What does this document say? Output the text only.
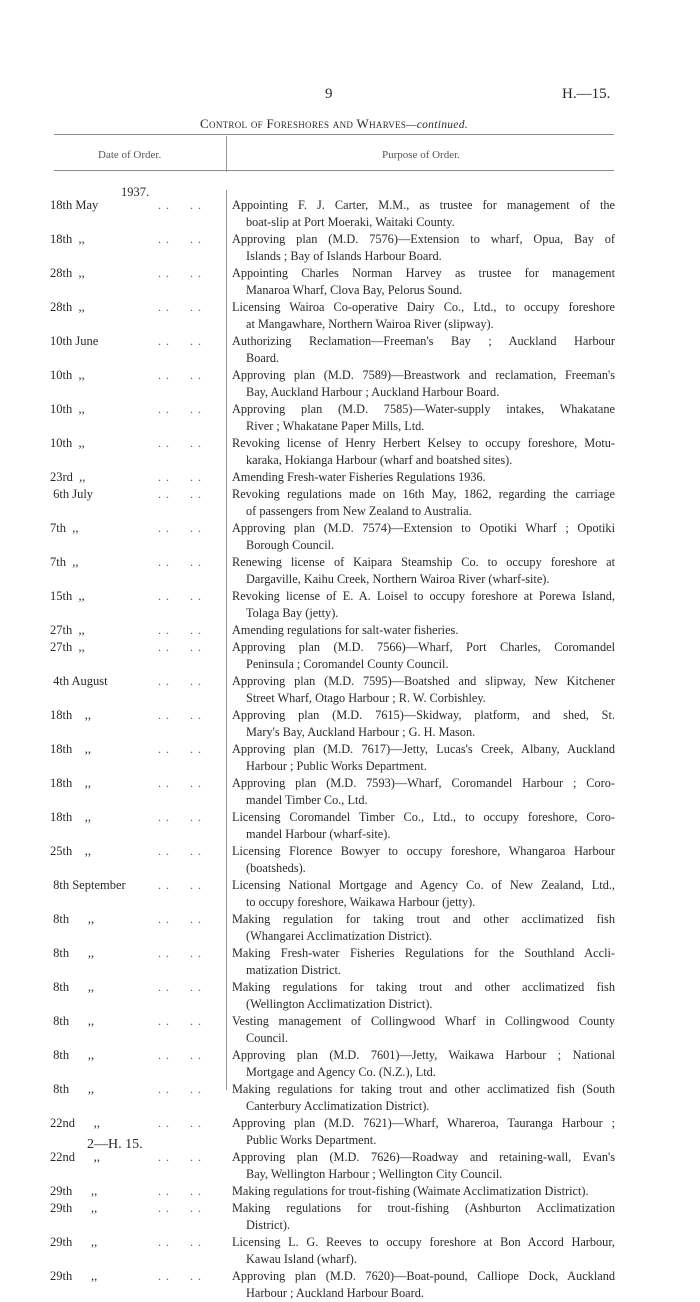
9	H.—15.
Control of Foreshores and Wharves—continued.
Date of Order.	Purpose of Order.
1937.
18th May	. .     . . Appointing F. J. Carter, M.M., as trustee for management of the
boat-slip at Port Moeraki, Waitaki County.
18th  ,,	. .     . . Approving plan (M.D. 7576)—Extension to wharf, Opua, Bay of
Islands ; Bay of Islands Harbour Board.
28th  ,,	. .     . . Appointing Charles Norman Harvey as trustee for management
Manaroa Wharf, Clova Bay, Pelorus Sound.
28th  ,,	. .     . . Licensing Wairoa Co-operative Dairy Co., Ltd., to occupy foreshore
at Mangawhare, Northern Wairoa River (slipway).
10th June	. .     . . Authorizing Reclamation—Freeman's Bay ; Auckland Harbour
Board.
10th  ,,	. .     . . Approving plan (M.D. 7589)—Breastwork and reclamation, Freeman's
Bay, Auckland Harbour ; Auckland Harbour Board.
10th  ,,	. .     . . Approving plan (M.D. 7585)—Water-supply intakes, Whakatane
River ; Whakatane Paper Mills, Ltd.
10th  ,,	. .     . . Revoking license of Henry Herbert Kelsey to occupy foreshore, Motu-
karaka, Hokianga Harbour (wharf and boatshed sites).
23rd  ,,	. .     . . Amending Fresh-water Fisheries Regulations 1936.
6th July	. .     . . Revoking regulations made on 16th May, 1862, regarding the carriage
of passengers from New Zealand to Australia.
7th  ,,	. .     . . Approving plan (M.D. 7574)—Extension to Opotiki Wharf ; Opotiki
Borough Council.
7th  ,,	. .     . . Renewing license of Kaipara Steamship Co. to occupy foreshore at
Dargaville, Kaihu Creek, Northern Wairoa River (wharf-site).
15th  ,,	. .     . . Revoking license of E. A. Loisel to occupy foreshore at Porewa Island,
Tolaga Bay (jetty).
27th  ,,	. .     . . Amending regulations for salt-water fisheries.
27th  ,,	. .     . . Approving plan (M.D. 7566)—Wharf, Port Charles, Coromandel
Peninsula ; Coromandel County Council.
4th August	. .     . . Approving plan (M.D. 7595)—Boatshed and slipway, New Kitchener
Street Wharf, Otago Harbour ; R. W. Corbishley.
18th    ,,	. .     . . Approving plan (M.D. 7615)—Skidway, platform, and shed, St.
Mary's Bay, Auckland Harbour ; G. H. Mason.
18th    ,,	. .     . . Approving plan (M.D. 7617)—Jetty, Lucas's Creek, Albany, Auckland
Harbour ; Public Works Department.
18th    ,,	. .     . . Approving plan (M.D. 7593)—Wharf, Coromandel Harbour ; Coro-
mandel Timber Co., Ltd.
18th    ,,	. .     . . Licensing Coromandel Timber Co., Ltd., to occupy foreshore, Coro-
mandel Harbour (wharf-site).
25th    ,,	. .     . . Licensing Florence Bowyer to occupy foreshore, Whangaroa Harbour
(boatsheds).
8th September	. .     . . Licensing National Mortgage and Agency Co. of New Zealand, Ltd.,
to occupy foreshore, Waikawa Harbour (jetty).
8th      ,,	. .     . . Making regulation for taking trout and other acclimatized fish
(Whangarei Acclimatization District).
8th      ,,	. .     . . Making Fresh-water Fisheries Regulations for the Southland Accli-
matization District.
8th      ,,	. .     . . Making regulations for taking trout and other acclimatized fish
(Wellington Acclimatization District).
8th      ,,	. .     . . Vesting management of Collingwood Wharf in Collingwood County
Council.
8th      ,,	. .     . . Approving plan (M.D. 7601)—Jetty, Waikawa Harbour ; National
Mortgage and Agency Co. (N.Z.), Ltd.
8th      ,,	. .     . . Making regulations for taking trout and other acclimatized fish (South
Canterbury Acclimatization District).
22nd      ,,	. .     . . Approving plan (M.D. 7621)—Wharf, Whareroa, Tauranga Harbour ;
Public Works Department.
22nd      ,,	. .     . . Approving plan (M.D. 7626)—Roadway and retaining-wall, Evan's
Bay, Wellington Harbour ; Wellington City Council.
29th      ,,	. .     . . Making regulations for trout-fishing (Waimate Acclimatization District).
29th      ,,	. .     . . Making regulations for trout-fishing (Ashburton Acclimatization
District).
29th      ,,	. .     . . Licensing L. G. Reeves to occupy foreshore at Bon Accord Harbour,
Kawau Island (wharf).
29th      ,,	. .     . . Approving plan (M.D. 7620)—Boat-pound, Calliope Dock, Auckland
Harbour ; Auckland Harbour Board.
2—H. 15.
